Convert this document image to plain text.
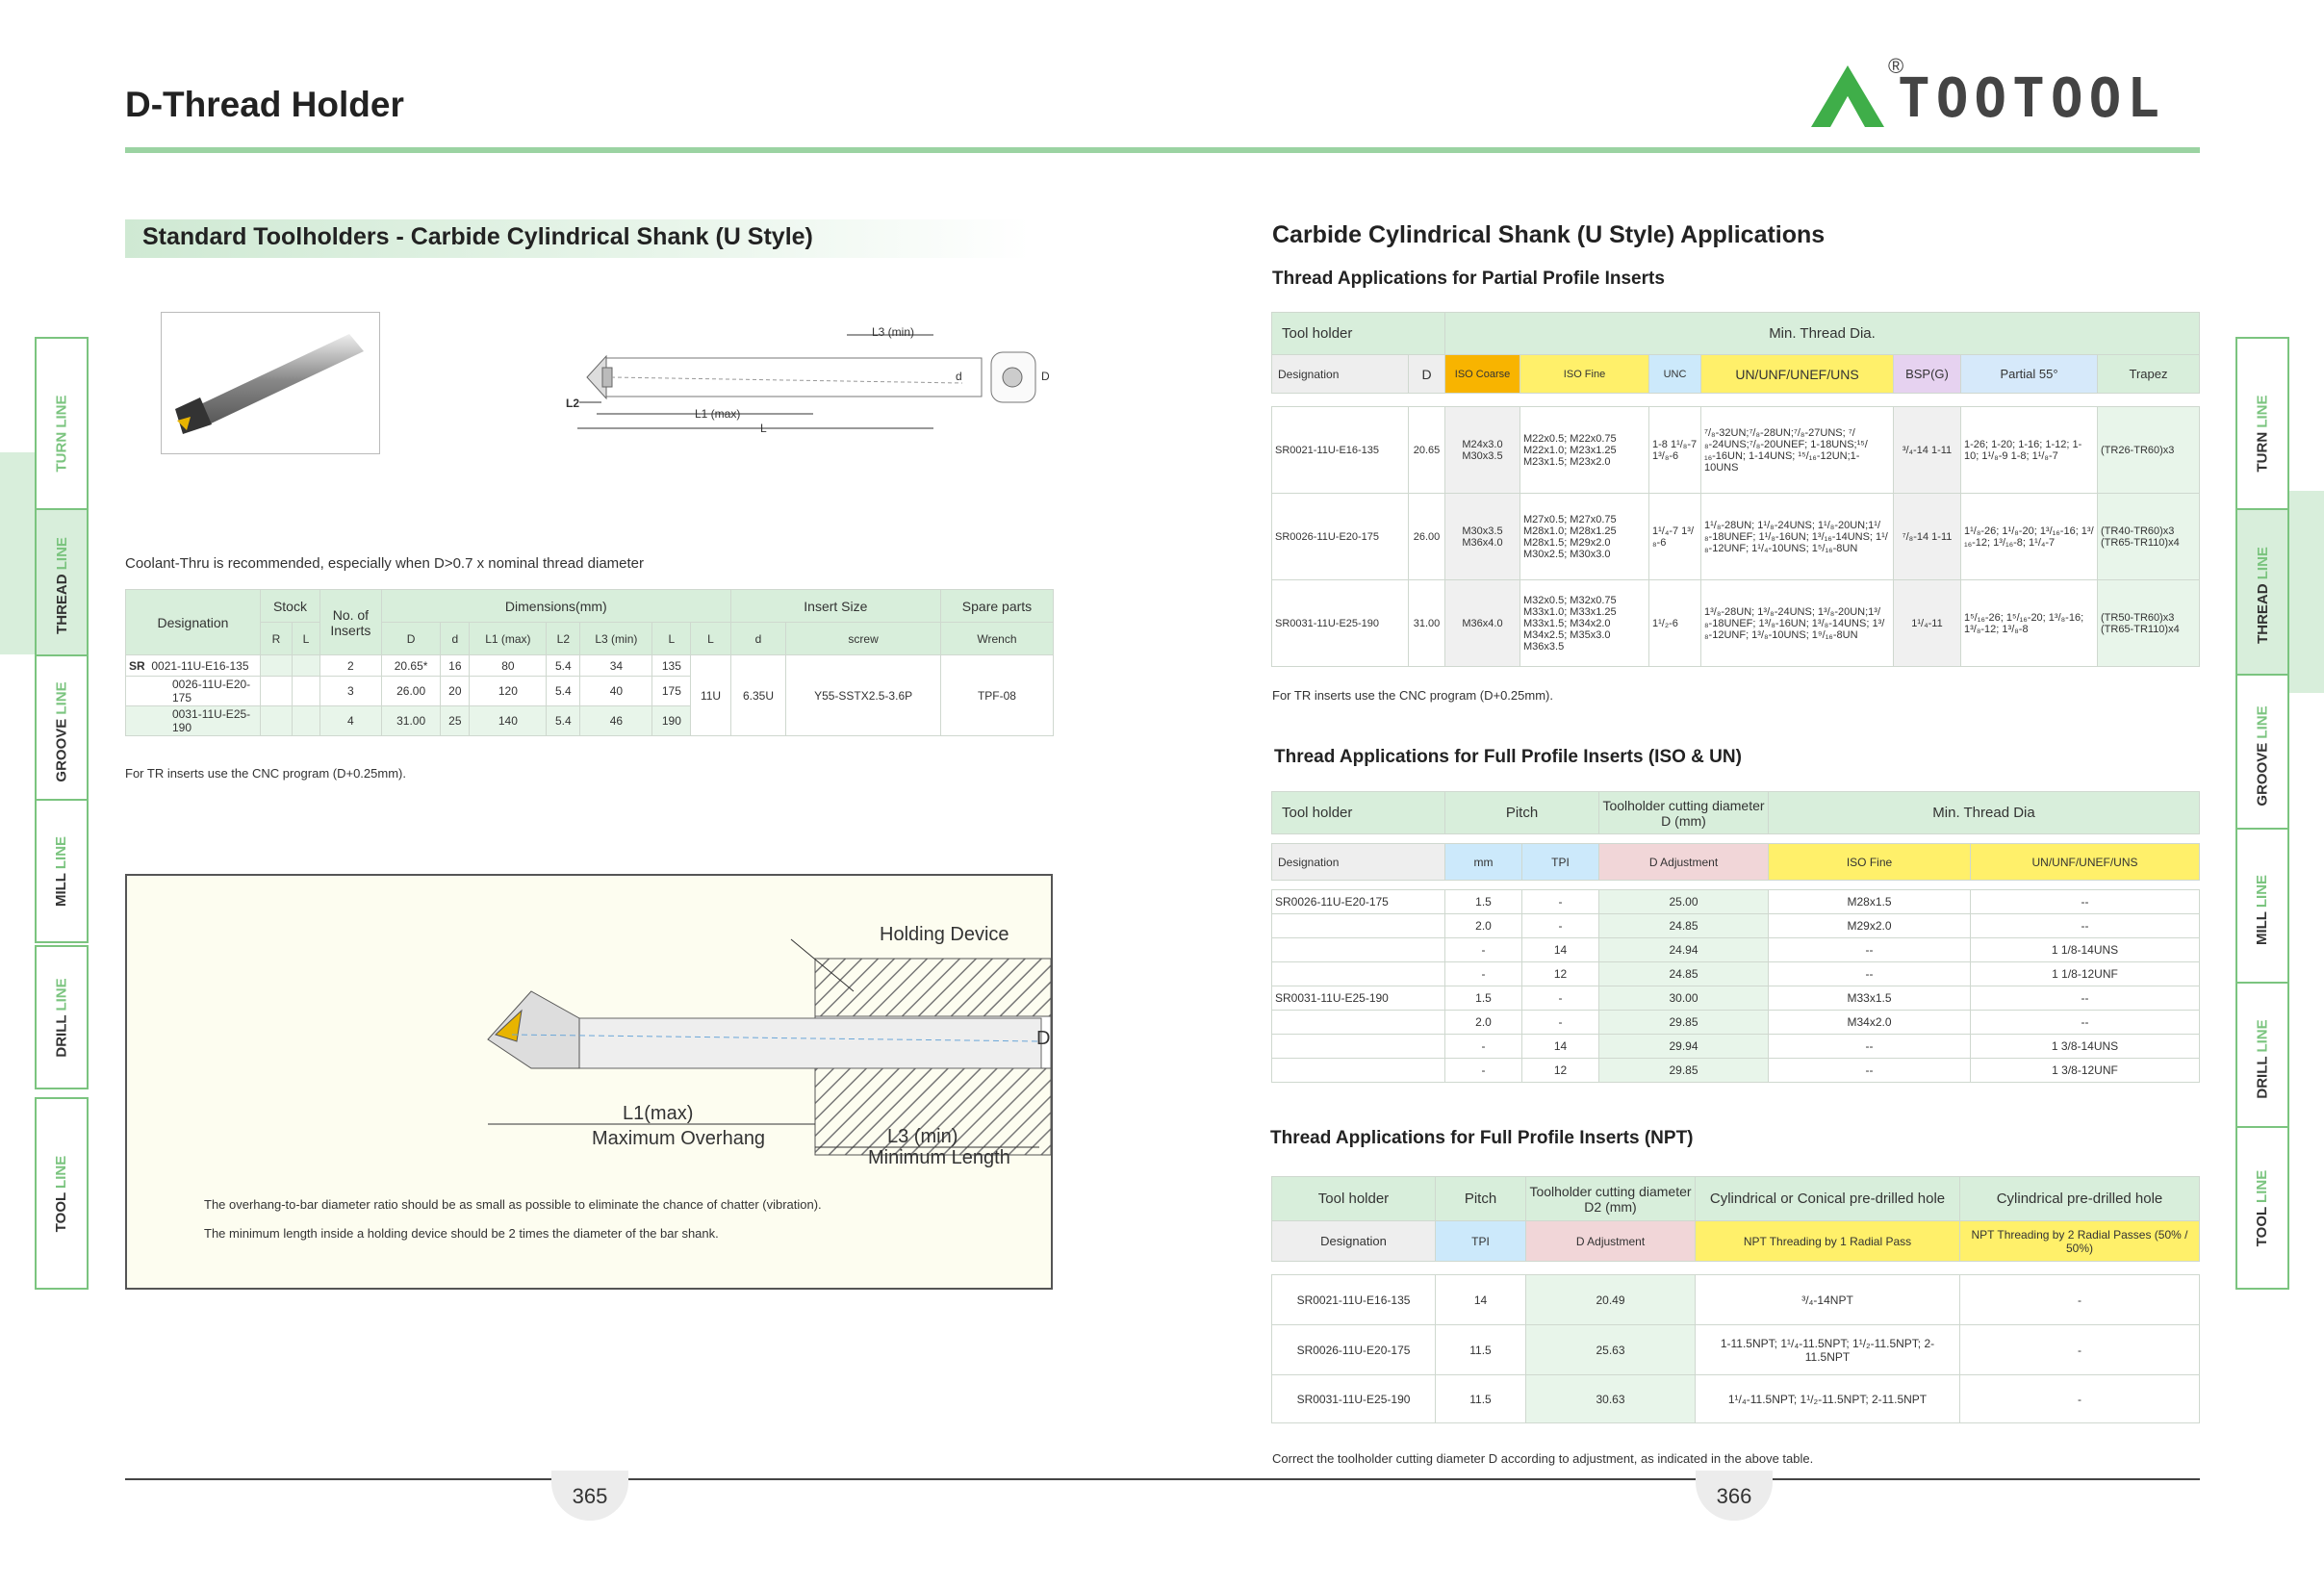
D-Thread Holder
®
TOOTOOL
Standard Toolholders - Carbide Cylindrical Shank (U Style)
L3 (min)
L2
L1 (max)
L
d	D
Coolant-Thru is recommended, especially when D>0.7 x nominal thread diameter
Designation	Stock		No. of Inserts	Dimensions(mm)							Insert Size		Spare parts
	R	L		D	d	L1 (max)	L2	L3 (min)	L	L	d	screw	Wrench
SR 0021-11U-E16-135			2	20.65*	16	80	5.4	34	135	11U	6.35U	Y55-SSTX2.5-3.6P	TPF-08
0026-11U-E20-175			3	26.00	20	120	5.4	40	175				
0031-11U-E25-190			4	31.00	25	140	5.4	46	190				
For TR inserts use the CNC program (D+0.25mm).
Holding Device
D
L1(max)
Maximum Overhang	L3 (min)
Minimum Length
The overhang-to-bar diameter ratio should be as small as possible to eliminate the chance of chatter (vibration).
The minimum length inside a holding device should be 2 times the diameter of the bar shank.
Carbide Cylindrical Shank (U Style) Applications
Thread Applications for Partial Profile Inserts
Tool holder		Min. Thread Dia.						
Designation	D	ISO Coarse	ISO Fine	UNC	UN/UNF/UNEF/UNS	BSP(G)	Partial 55°	Trapez

SR0021-11U-E16-135	20.65	M24x3.0 M30x3.5	M22x0.5; M22x0.75 M22x1.0; M23x1.25 M23x1.5; M23x2.0	1-8 1¹/₈-7 1³/₈-6	⁷/₈-32UN;⁷/₈-28UN;⁷/₈-27UNS; ⁷/₈-24UNS;⁷/₈-20UNEF; 1-18UNS;¹⁵/₁₆-16UN; 1-14UNS; ¹⁵/₁₆-12UN;1-10UNS	³/₄-14 1-11	1-26; 1-20; 1-16; 1-12; 1-10; 1¹/₈-9 1-8; 1¹/₈-7	(TR26-TR60)x3
SR0026-11U-E20-175	26.00	M30x3.5 M36x4.0	M27x0.5; M27x0.75 M28x1.0; M28x1.25 M28x1.5; M29x2.0 M30x2.5; M30x3.0	1¹/₄-7 1³/₈-6	1¹/₈-28UN; 1¹/₈-24UNS; 1¹/₈-20UN;1¹/₈-18UNEF; 1¹/₈-16UN; 1³/₁₆-14UNS; 1¹/₈-12UNF; 1¹/₄-10UNS; 1⁵/₁₆-8UN	⁷/₈-14 1-11	1¹/₈-26; 1¹/₈-20; 1³/₁₆-16; 1³/₁₆-12; 1³/₁₆-8; 1¹/₄-7	(TR40-TR60)x3 (TR65-TR110)x4
SR0031-11U-E25-190	31.00	M36x4.0	M32x0.5; M32x0.75 M33x1.0; M33x1.25 M33x1.5; M34x2.0 M34x2.5; M35x3.0 M36x3.5	1¹/₂-6	1³/₈-28UN; 1³/₈-24UNS; 1³/₈-20UN;1³/₈-18UNEF; 1³/₈-16UN; 1³/₈-14UNS; 1³/₈-12UNF; 1³/₈-10UNS; 1⁹/₁₆-8UN	1¹/₄-11	1⁵/₁₆-26; 1⁵/₁₆-20; 1³/₈-16; 1³/₈-12; 1³/₈-8	(TR50-TR60)x3 (TR65-TR110)x4
For TR inserts use the CNC program (D+0.25mm).
Thread Applications for Full Profile Inserts (ISO & UN)
Tool holder	Pitch		Toolholder cutting diameter D (mm)	Min. Thread Dia	

Designation	mm	TPI	D Adjustment	ISO Fine	UN/UNF/UNEF/UNS

SR0026-11U-E20-175	1.5	-	25.00	M28x1.5	--
	2.0	-	24.85	M29x2.0	--
	-	14	24.94	--	1 1/8-14UNS
	-	12	24.85	--	1 1/8-12UNF
SR0031-11U-E25-190	1.5	-	30.00	M33x1.5	--
	2.0	-	29.85	M34x2.0	--
	-	14	29.94	--	1 3/8-14UNS
	-	12	29.85	--	1 3/8-12UNF
Thread Applications for Full Profile Inserts (NPT)
Tool holder	Pitch	Toolholder cutting diameter D2 (mm)	Cylindrical or Conical pre-drilled hole	Cylindrical pre-drilled hole
Designation	TPI	D Adjustment	NPT Threading by 1 Radial Pass	NPT Threading by 2 Radial Passes (50% / 50%)

SR0021-11U-E16-135	14	20.49	³/₄-14NPT	-
SR0026-11U-E20-175	11.5	25.63	1-11.5NPT; 1¹/₄-11.5NPT; 1¹/₂-11.5NPT; 2-11.5NPT	-
SR0031-11U-E25-190	11.5	30.63	1¹/₄-11.5NPT; 1¹/₂-11.5NPT; 2-11.5NPT	-
Correct the toolholder cutting diameter D according to adjustment, as indicated in the above table.
TURN LINE
THREAD LINE
GROOVE LINE
MILL LINE
DRILL LINE
TOOL LINE
TURN LINE
THREAD LINE
GROOVE LINE
MILL LINE
DRILL LINE
TOOL LINE
365	366
